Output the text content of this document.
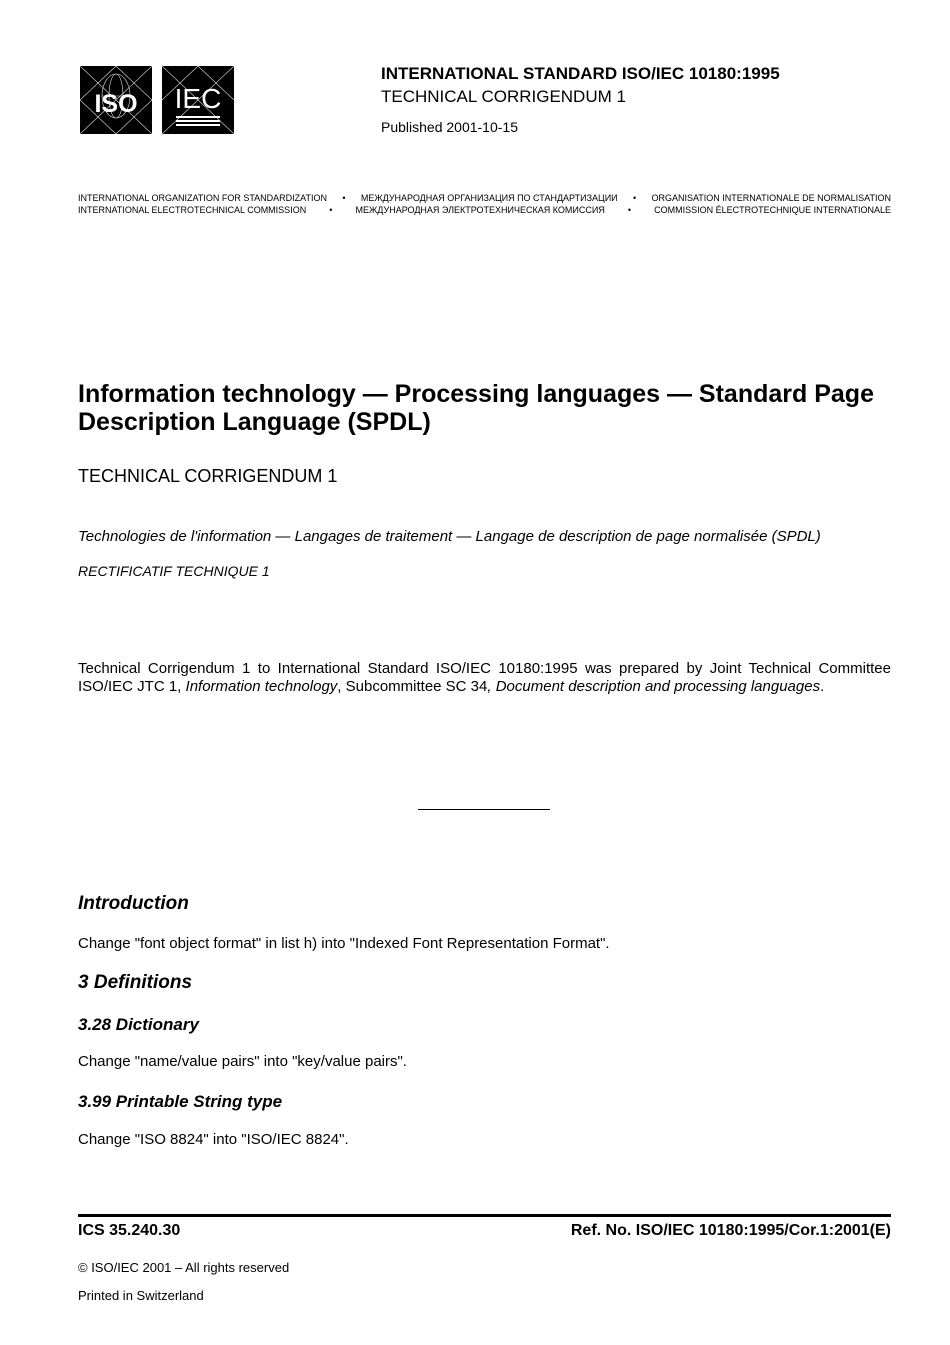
ISO IEC
INTERNATIONAL STANDARD ISO/IEC 10180:1995
TECHNICAL CORRIGENDUM 1
Published 2001-10-15
INTERNATIONAL ORGANIZATION FOR STANDARDIZATION • МЕЖДУНАРОДНАЯ ОРГАНИЗАЦИЯ ПО СТАНДАРТИЗАЦИИ • ORGANISATION INTERNATIONALE DE NORMALISATION
INTERNATIONAL ELECTROTECHNICAL COMMISSION	•	МЕЖДУНАРОДНАЯ ЭЛЕКТРОТЕХНИЧЕСКАЯ КОМИССИЯ	•	COMMISSION ÉLECTROTECHNIQUE INTERNATIONALE
Information technology — Processing languages — Standard Page
Description Language (SPDL)
TECHNICAL CORRIGENDUM 1
Technologies de l'information — Langages de traitement — Langage de description de page normalisée (SPDL)
RECTIFICATIF TECHNIQUE 1
Technical Corrigendum 1 to International Standard ISO/IEC 10180:1995 was prepared by Joint Technical Committee ISO/IEC JTC 1, Information technology, Subcommittee SC 34, Document description and processing languages.
Introduction
Change "font object format" in list h) into "Indexed Font Representation Format".
3 Definitions
3.28 Dictionary
Change "name/value pairs" into "key/value pairs".
3.99 Printable String type
Change "ISO 8824" into "ISO/IEC 8824".
ICS 35.240.30	Ref. No. ISO/IEC 10180:1995/Cor.1:2001(E)
© ISO/IEC 2001 – All rights reserved
Printed in Switzerland
